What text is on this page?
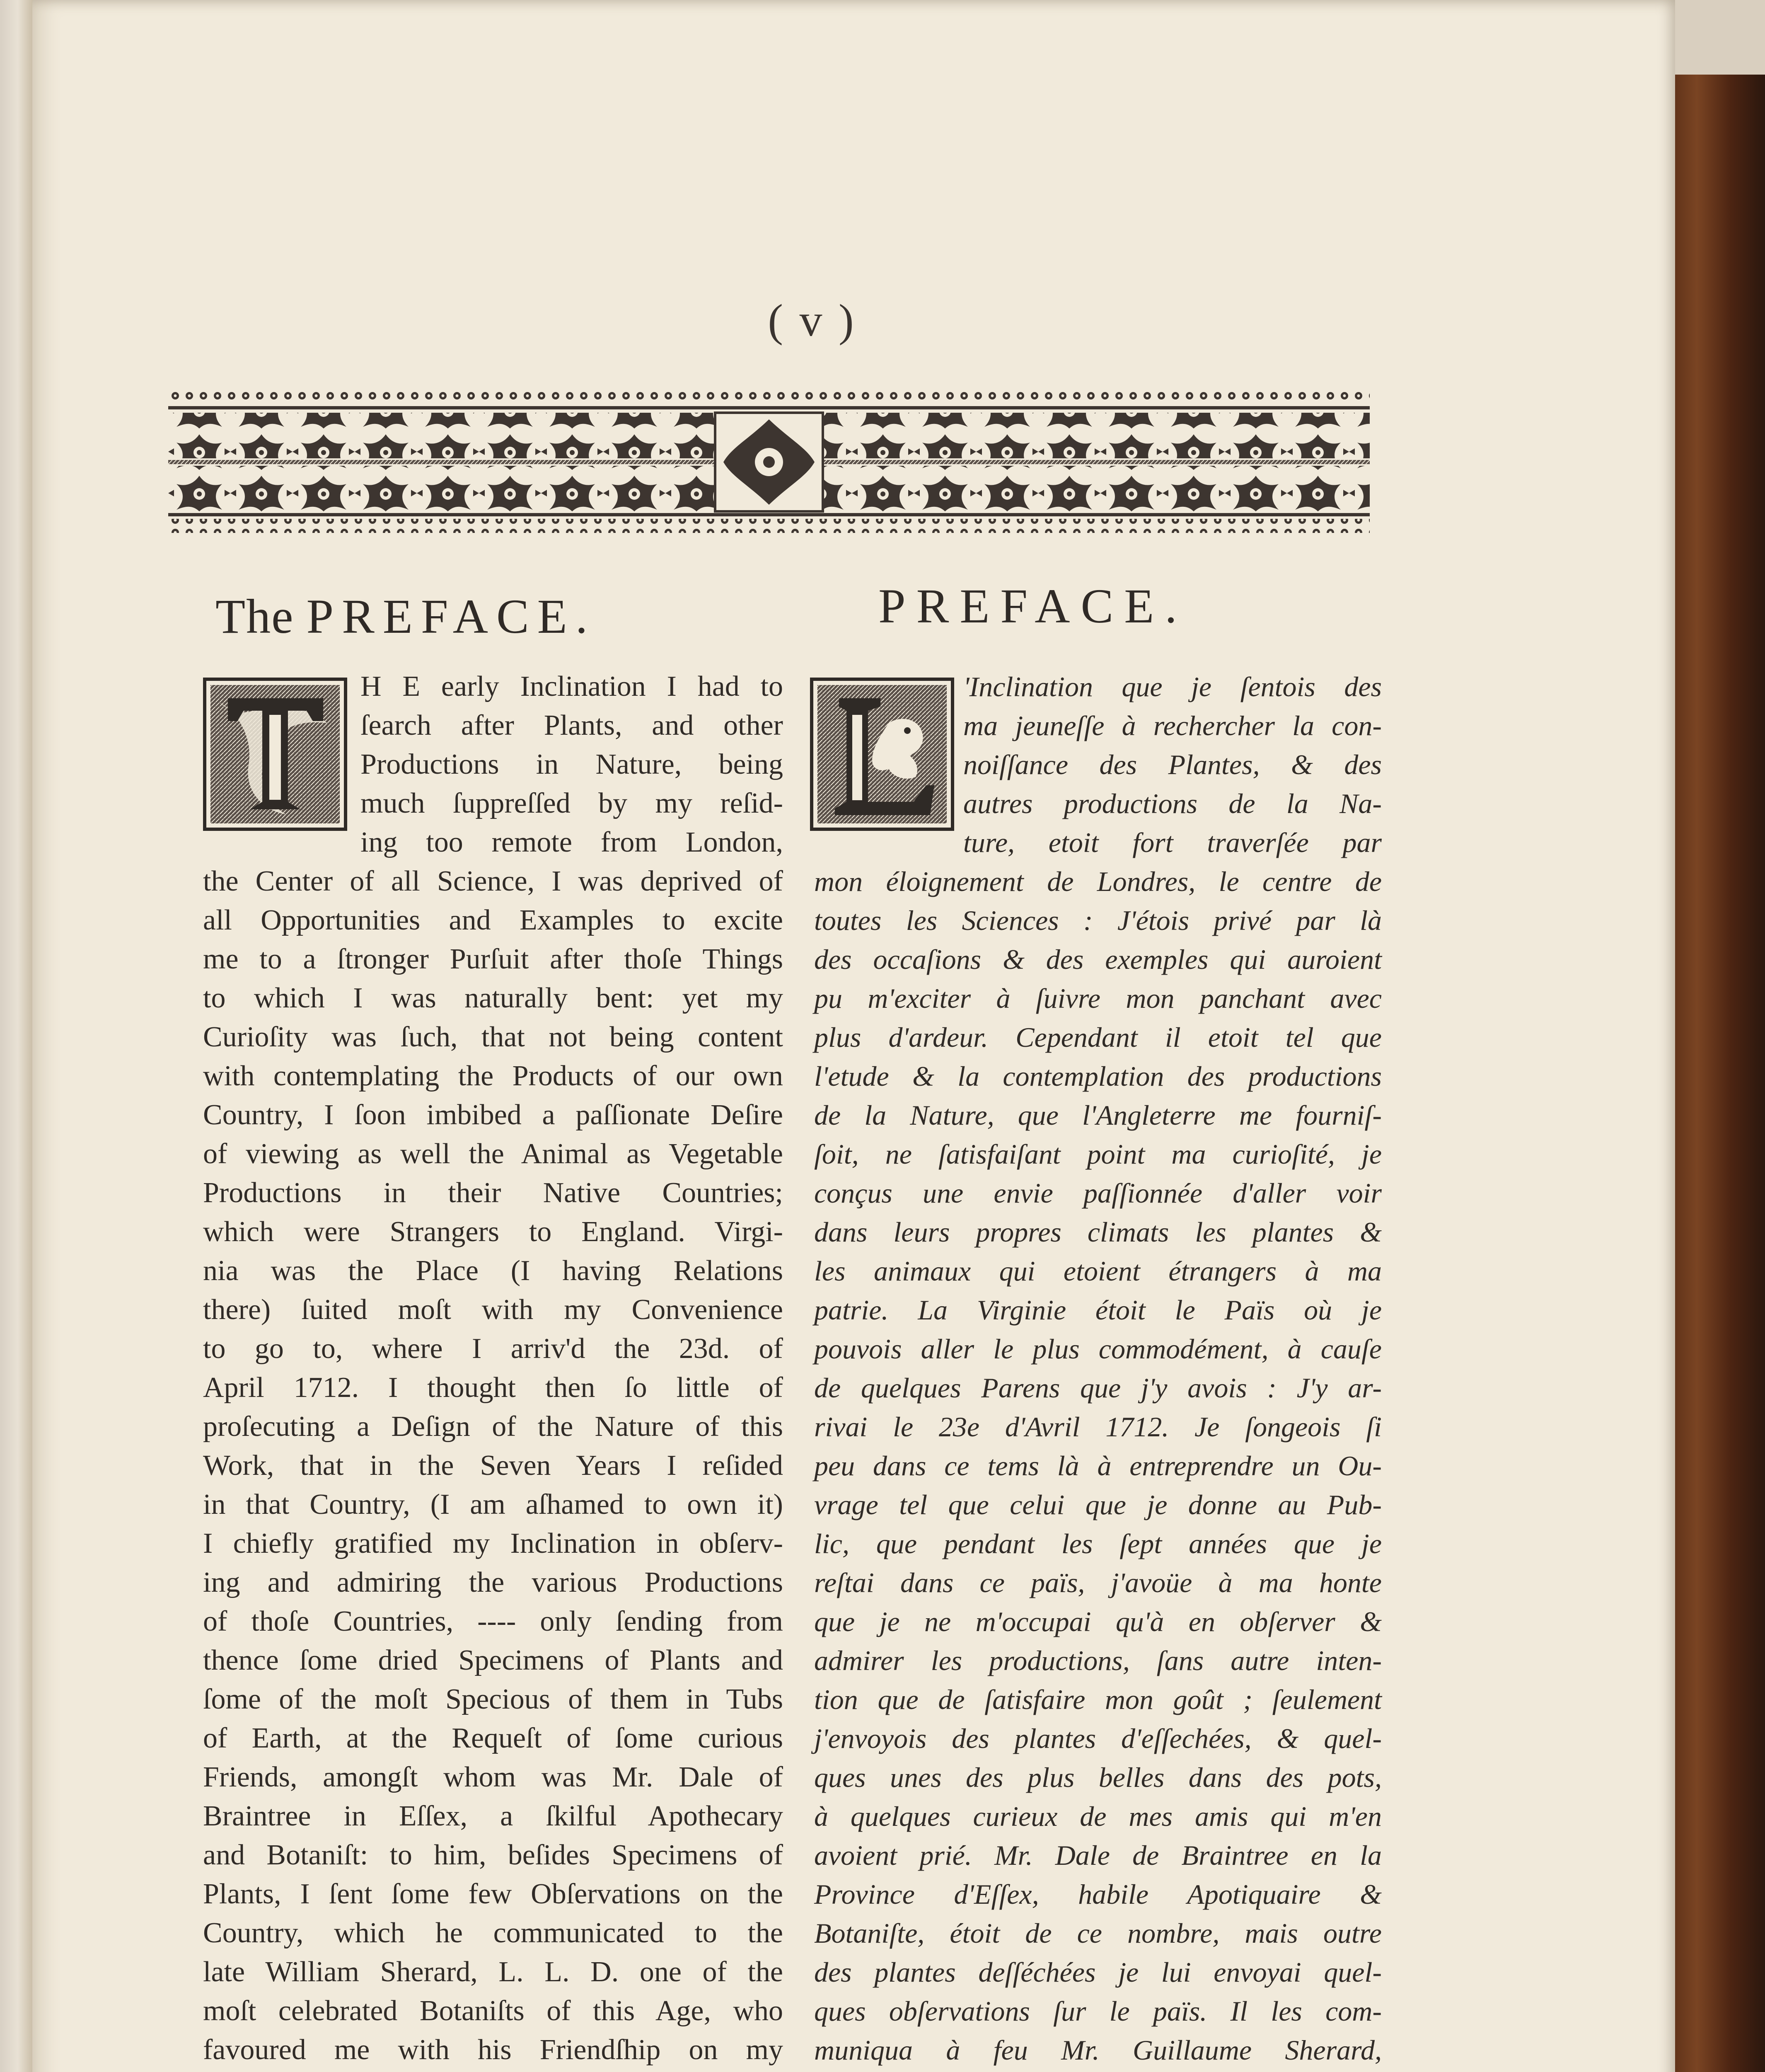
( v )
The PREFACE.	PREFACE.
H E early Inclination I had to
ſearch after Plants, and other
Productions in Nature, being
much ſuppreſſed by my reſid-
ing too remote from London,
the Center of all Science, I was deprived of
all Opportunities and Examples to excite
me to a ſtronger Purſuit after thoſe Things
to which I was naturally bent: yet my
Curioſity was ſuch, that not being content
with contemplating the Products of our own
Country, I ſoon imbibed a paſſionate Deſire
of viewing as well the Animal as Vegetable
Productions in their Native Countries;
which were Strangers to England. Virgi-
nia was the Place (I having Relations
there) ſuited moſt with my Convenience
to go to, where I arriv'd the 23d. of
April 1712. I thought then ſo little of
proſecuting a Deſign of the Nature of this
Work, that in the Seven Years I reſided
in that Country, (I am aſhamed to own it)
I chiefly gratified my Inclination in obſerv-
ing and admiring the various Productions
of thoſe Countries, ---- only ſending from
thence ſome dried Specimens of Plants and
ſome of the moſt Specious of them in Tubs
of Earth, at the Requeſt of ſome curious
Friends, amongſt whom was Mr. Dale of
Braintree in Eſſex, a ſkilful Apothecary
and Botaniſt: to him, beſides Specimens of
Plants, I ſent ſome few Obſervations on the
Country, which he communicated to the
late William Sherard, L. L. D. one of the
moſt celebrated Botaniſts of this Age, who
favoured me with his Friendſhip on my
'Inclination que je ſentois des
ma jeuneſſe à rechercher la con-
noiſſance des Plantes, & des
autres productions de la Na-
ture, etoit fort traverſée par
mon éloignement de Londres, le centre de
toutes les Sciences : J'étois privé par là
des occaſions & des exemples qui auroient
pu m'exciter à ſuivre mon panchant avec
plus d'ardeur. Cependant il etoit tel que
l'etude & la contemplation des productions
de la Nature, que l'Angleterre me fourniſ-
ſoit, ne ſatisfaiſant point ma curioſité, je
conçus une envie paſſionnée d'aller voir
dans leurs propres climats les plantes &
les animaux qui etoient étrangers à ma
patrie. La Virginie étoit le Païs où je
pouvois aller le plus commodément, à cauſe
de quelques Parens que j'y avois : J'y ar-
rivai le 23e d'Avril 1712. Je ſongeois ſi
peu dans ce tems là à entreprendre un Ou-
vrage tel que celui que je donne au Pub-
lic, que pendant les ſept années que je
reſtai dans ce païs, j'avoüe à ma honte
que je ne m'occupai qu'à en obſerver &
admirer les productions, ſans autre inten-
tion que de ſatisfaire mon goût ; ſeulement
j'envoyois des plantes d'eſſechées, & quel-
ques unes des plus belles dans des pots,
à quelques curieux de mes amis qui m'en
avoient prié. Mr. Dale de Braintree en la
Province d'Eſſex, habile Apotiquaire &
Botaniſte, étoit de ce nombre, mais outre
des plantes deſſéchées je lui envoyai quel-
ques obſervations ſur le païs. Il les com-
muniqua à feu Mr. Guillaume Sherard,
